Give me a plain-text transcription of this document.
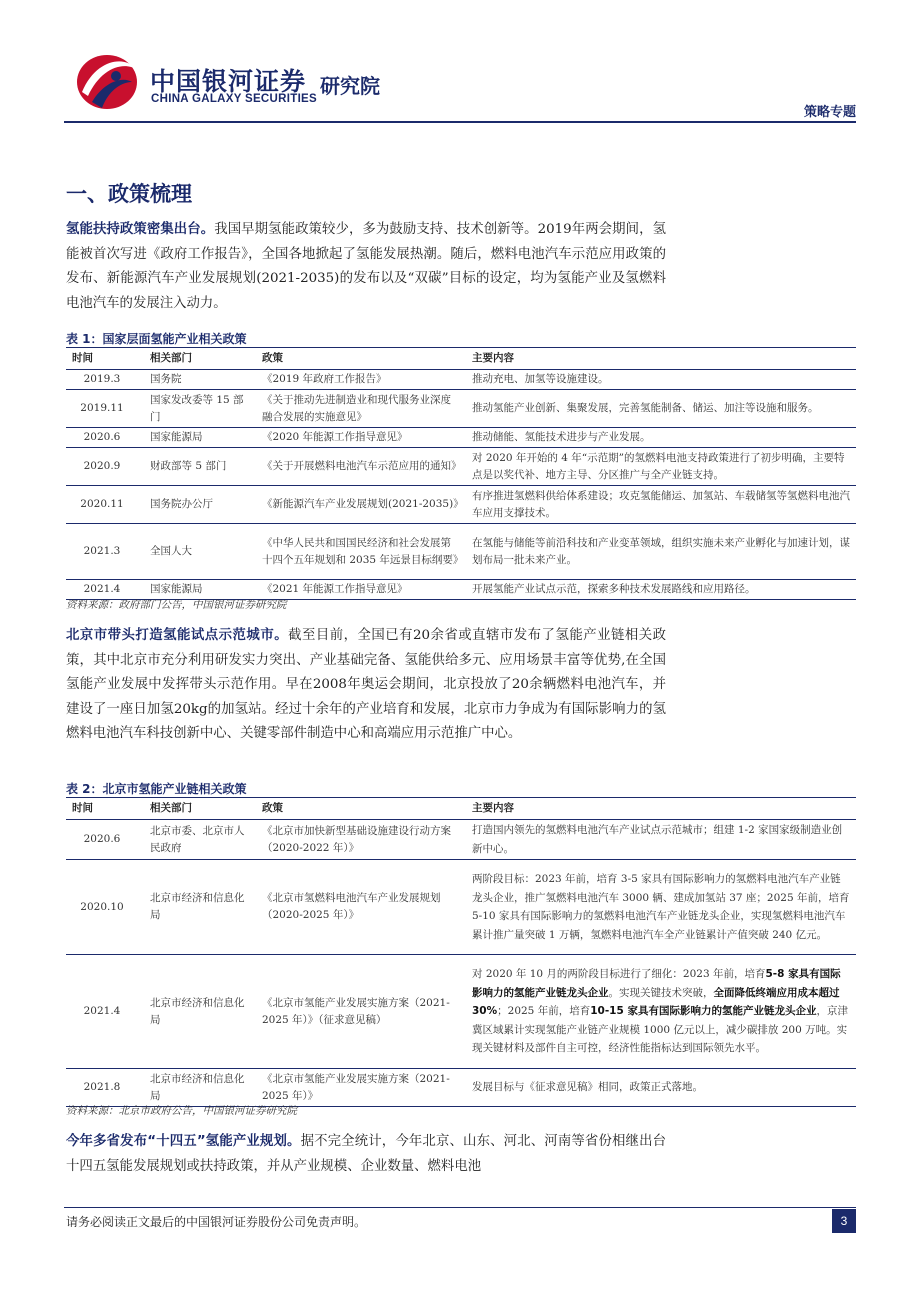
中国银河证券
CHINA GALAXY SECURITIES
研究院
策略专题
一、政策梳理

氢能扶持政策密集出台。我国早期氢能政策较少，多为鼓励支持、技术创新等。2019年两会期间，氢能被首次写进《政府工作报告》，全国各地掀起了氢能发展热潮。随后，燃料电池汽车示范应用政策的发布、新能源汽车产业发展规划(2021-2035)的发布以及“双碳”目标的设定，均为氢能产业及氢燃料电池汽车的发展注入动力。

表 1：国家层面氢能产业相关政策
时间	相关部门	政策	主要内容
2019.3	国务院	《2019 年政府工作报告》	推动充电、加氢等设施建设。
2019.11	国家发改委等 15 部门	《关于推动先进制造业和现代服务业深度融合发展的实施意见》	推动氢能产业创新、集聚发展，完善氢能制备、储运、加注等设施和服务。
2020.6	国家能源局	《2020 年能源工作指导意见》	推动储能、氢能技术进步与产业发展。
2020.9	财政部等 5 部门	《关于开展燃料电池汽车示范应用的通知》	对 2020 年开始的 4 年“示范期”的氢燃料电池支持政策进行了初步明确，主要特点是以奖代补、地方主导、分区推广与全产业链支持。
2020.11	国务院办公厅	《新能源汽车产业发展规划(2021-2035)》	有序推进氢燃料供给体系建设；攻克氢能储运、加氢站、车载储氢等氢燃料电池汽车应用支撑技术。
2021.3	全国人大	《中华人民共和国国民经济和社会发展第十四个五年规划和 2035 年远景目标纲要》	在氢能与储能等前沿科技和产业变革领域，组织实施未来产业孵化与加速计划，谋划布局一批未来产业。
2021.4	国家能源局	《2021 年能源工作指导意见》	开展氢能产业试点示范，探索多种技术发展路线和应用路径。
资料来源：政府部门公告，中国银河证券研究院

北京市带头打造氢能试点示范城市。截至目前，全国已有20余省或直辖市发布了氢能产业链相关政策，其中北京市充分利用研发实力突出、产业基础完备、氢能供给多元、应用场景丰富等优势,在全国氢能产业发展中发挥带头示范作用。早在2008年奥运会期间，北京投放了20余辆燃料电池汽车，并建设了一座日加氢20kg的加氢站。经过十余年的产业培育和发展，北京市力争成为有国际影响力的氢燃料电池汽车科技创新中心、关键零部件制造中心和高端应用示范推广中心。

表 2：北京市氢能产业链相关政策
时间	相关部门	政策	主要内容
2020.6	北京市委、北京市人民政府	《北京市加快新型基础设施建设行动方案（2020-2022 年）》	打造国内领先的氢燃料电池汽车产业试点示范城市；组建 1-2 家国家级制造业创新中心。
2020.10	北京市经济和信息化局	《北京市氢燃料电池汽车产业发展规划（2020-2025 年）》	两阶段目标：2023 年前，培育 3-5 家具有国际影响力的氢燃料电池汽车产业链龙头企业，推广氢燃料电池汽车 3000 辆、建成加氢站 37 座；2025 年前，培育 5-10 家具有国际影响力的氢燃料电池汽车产业链龙头企业，实现氢燃料电池汽车累计推广量突破 1 万辆，氢燃料电池汽车全产业链累计产值突破 240 亿元。
2021.4	北京市经济和信息化局	《北京市氢能产业发展实施方案（2021-2025 年）》（征求意见稿）	对 2020 年 10 月的两阶段目标进行了细化：2023 年前，培育5-8 家具有国际影响力的氢能产业链龙头企业。实现关键技术突破，全面降低终端应用成本超过 30%；2025 年前，培育10-15 家具有国际影响力的氢能产业链龙头企业，京津冀区域累计实现氢能产业链产业规模 1000 亿元以上，减少碳排放 200 万吨。实现关键材料及部件自主可控，经济性能指标达到国际领先水平。
2021.8	北京市经济和信息化局	《北京市氢能产业发展实施方案（2021-2025 年）》	发展目标与《征求意见稿》相同，政策正式落地。
资料来源：北京市政府公告，中国银河证券研究院

今年多省发布“十四五”氢能产业规划。据不完全统计，今年北京、山东、河北、河南等省份相继出台十四五氢能发展规划或扶持政策，并从产业规模、企业数量、燃料电池

请务必阅读正文最后的中国银河证券股份公司免责声明。	3
